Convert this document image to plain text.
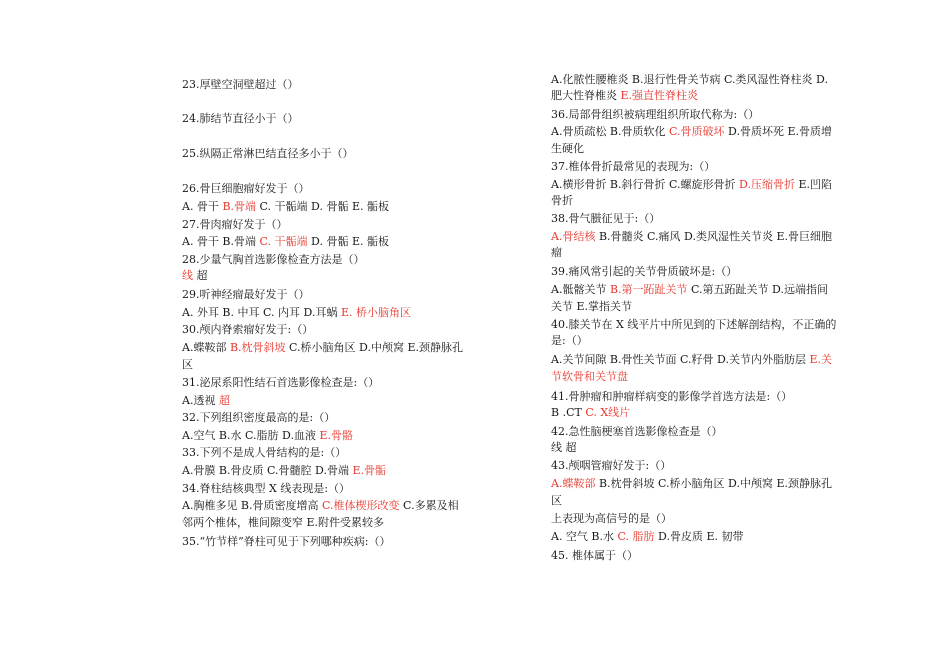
23.厚壁空洞壁超过（）
24.肺结节直径小于（）
25.纵隔正常淋巴结直径多小于（）
26.骨巨细胞瘤好发于（）
A. 骨干 B.骨端 C. 干骺端 D. 骨骺 E. 骺板
27.骨肉瘤好发于（）
A. 骨干 B.骨端 C. 干骺端 D. 骨骺 E. 骺板
28.少量气胸首选影像检查方法是（）
线 超
29.听神经瘤最好发于（）
A. 外耳 B. 中耳 C. 内耳 D.耳蜗 E. 桥小脑角区
30.颅内脊索瘤好发于:（）
A.蝶鞍部 B.枕骨斜坡 C.桥小脑角区 D.中颅窝 E.颈静脉孔
区
31.泌尿系阳性结石首选影像检查是:（）
A.透视 超
32.下列组织密度最高的是:（）
A.空气 B.水 C.脂肪 D.血液 E.骨骼
33.下列不是成人骨结构的是:（）
A.骨膜 B.骨皮质 C.骨髓腔 D.骨端 E.骨骺
34.脊柱结核典型 X 线表现是:（）
A.胸椎多见 B.骨质密度增高 C.椎体楔形改变 C.多累及相
邻两个椎体，椎间隙变窄 E.附件受累较多
35.“竹节样”脊柱可见于下列哪种疾病:（）
A.化脓性腰椎炎 B.退行性骨关节病 C.类风湿性脊柱炎 D.
肥大性脊椎炎 E.强直性脊柱炎
36.局部骨组织被病理组织所取代称为:（）
A.骨质疏松 B.骨质软化 C.骨质破坏 D.骨质坏死 E.骨质增
生硬化
37.椎体骨折最常见的表现为:（）
A.横形骨折 B.斜行骨折 C.螺旋形骨折 D.压缩骨折 E.凹陷
骨折
38.骨气臌征见于:（）
A.骨结核 B.骨髓炎 C.痛风 D.类风湿性关节炎 E.骨巨细胞
瘤
39.痛风常引起的关节骨质破坏是:（）
A.骶髂关节 B.第一跖趾关节 C.第五跖趾关节 D.远端指间
关节 E.掌指关节
40.膝关节在 X 线平片中所见到的下述解剖结构，不正确的
是:（）
A.关节间隙 B.骨性关节面 C.籽骨 D.关节内外脂肪层 E.关
节软骨和关节盘
41.骨肿瘤和肿瘤样病变的影像学首选方法是:（）
B .CT C. X线片
42.急性脑梗塞首选影像检查是（）
线 超
43.颅咽管瘤好发于:（）
A.蝶鞍部 B.枕骨斜坡 C.桥小脑角区 D.中颅窝 E.颈静脉孔
区
上表现为高信号的是（）
A. 空气 B.水 C. 脂肪 D.骨皮质 E. 韧带
45. 椎体属于（）
